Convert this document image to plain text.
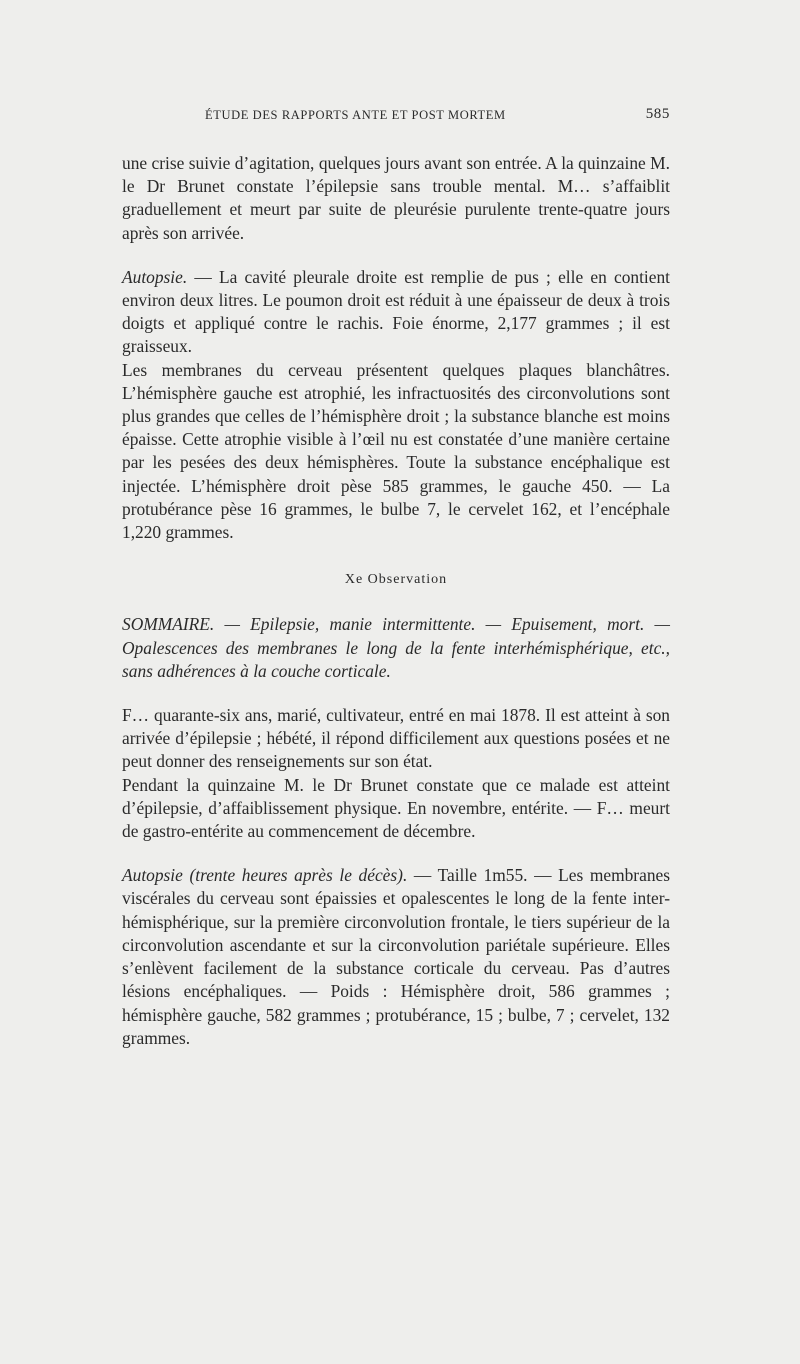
ÉTUDE DES RAPPORTS ANTE ET POST MORTEM	585

une crise suivie d’agitation, quelques jours avant son entrée. A la quinzaine M. le Dr Brunet constate l’épilepsie sans trouble mental. M… s’affaiblit graduellement et meurt par suite de pleurésie purulente trente-quatre jours après son arrivée.

Autopsie. — La cavité pleurale droite est remplie de pus ; elle en contient environ deux litres. Le poumon droit est réduit à une épaisseur de deux à trois doigts et appliqué contre le rachis. Foie énorme, 2,177 grammes ; il est graisseux.

Les membranes du cerveau présentent quelques plaques blanchâtres. L’hémisphère gauche est atrophié, les infractuosités des circonvolutions sont plus grandes que celles de l’hémisphère droit ; la substance blanche est moins épaisse. Cette atrophie visible à l’œil nu est constatée d’une manière certaine par les pesées des deux hémisphères. Toute la substance encéphalique est injectée. L’hémisphère droit pèse 585 grammes, le gauche 450. — La protubérance pèse 16 grammes, le bulbe 7, le cervelet 162, et l’encéphale 1,220 grammes.

Xe Observation

SOMMAIRE. — Epilepsie, manie intermittente. — Epuisement, mort. — Opalescences des membranes le long de la fente interhémisphérique, etc., sans adhérences à la couche corticale.

F… quarante-six ans, marié, cultivateur, entré en mai 1878. Il est atteint à son arrivée d’épilepsie ; hébété, il répond difficilement aux questions posées et ne peut donner des renseignements sur son état.

Pendant la quinzaine M. le Dr Brunet constate que ce malade est atteint d’épilepsie, d’affaiblissement physique. En novembre, entérite. — F… meurt de gastro-entérite au commencement de décembre.

Autopsie (trente heures après le décès). — Taille 1m55. — Les membranes viscérales du cerveau sont épaissies et opalescentes le long de la fente inter-hémisphérique, sur la première circonvolution frontale, le tiers supérieur de la circonvolution ascendante et sur la circonvolution pariétale supérieure. Elles s’enlèvent facilement de la substance corticale du cerveau. Pas d’autres lésions encéphaliques. — Poids : Hémisphère droit, 586 grammes ; hémisphère gauche, 582 grammes ; protubérance, 15 ; bulbe, 7 ; cervelet, 132 grammes.
